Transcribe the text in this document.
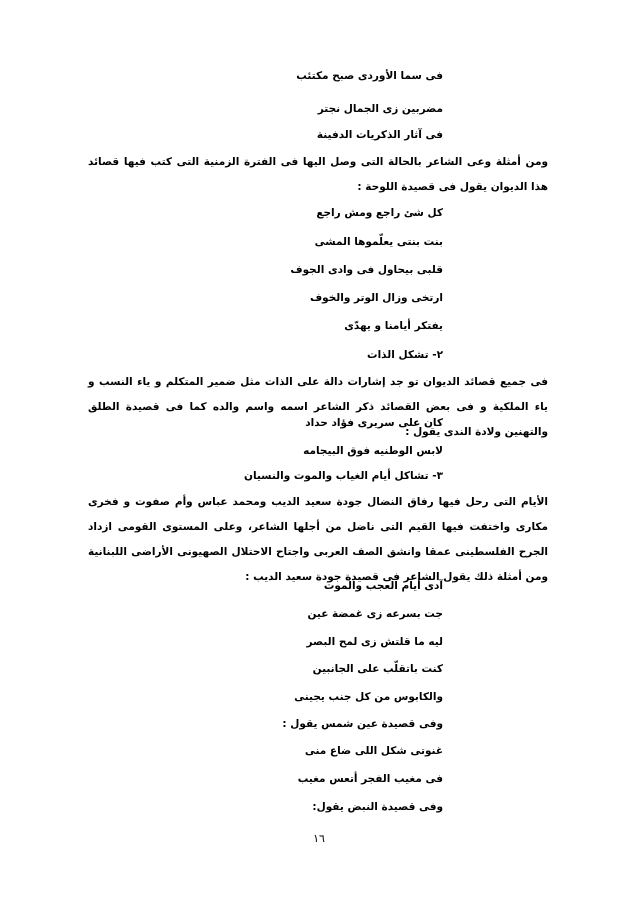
فى سما الأوردى صبح مكتئب
مضربين زى الجمال نجتر
فى آثار الذكريات الدفينة
ومن أمثلة وعى الشاعر بالحالة التى وصل اليها فى الفترة الزمنية التى كتب فيها قصائد هذا الديوان يقول فى قصيدة اللوحة :
كل شئ راجع ومش راجع
بنت بنتى يعلّموها المشى
قلبى بيحاول فى وادى الجوف
ارتخى وزال الوتر والخوف
يفتكر أيامنا و يهدّى
٢- تشكل الذات
فى جميع قصائد الديوان تو جد إشارات دالة على الذات مثل ضمير المتكلم و ياء النسب و ياء الملكية و فى بعض القصائد ذكر الشاعر اسمه واسم والده كما فى قصيدة الطلق والتهنين ولادة الندى يقول :
كان على سريرى فؤاد حداد
لابس الوطنيه فوق البيجامه
٣- تشاكل أيام الغياب والموت والنسيان
الأيام التى رحل فيها رفاق النضال جودة سعيد الديب ومحمد عباس وأم صفوت و فخرى مكارى واختفت فيها القيم التى ناضل من أجلها الشاعر، وعلى المستوى القومى ازداد الجرح الفلسطينى عمقا وانشق الصف العربى واجتاح الاحتلال الصهيونى الأراضى اللبنانية ومن أمثلة ذلك يقول الشاعر فى قصيدة جودة سعيد الديب :
آدى أيام العجب والموت
جت بسرعه زى غمضة عين
ليه ما قلتش زى لمح البصر
كنت باتقلّب على الجانبين
والكابوس من كل جنب يجينى
وفى قصيدة عين شمس يقول :
غنوتى شكل اللى ضاع منى
فى مغيب الفجر أتعس مغيب
وفى قصيدة النبض يقول:
١٦
